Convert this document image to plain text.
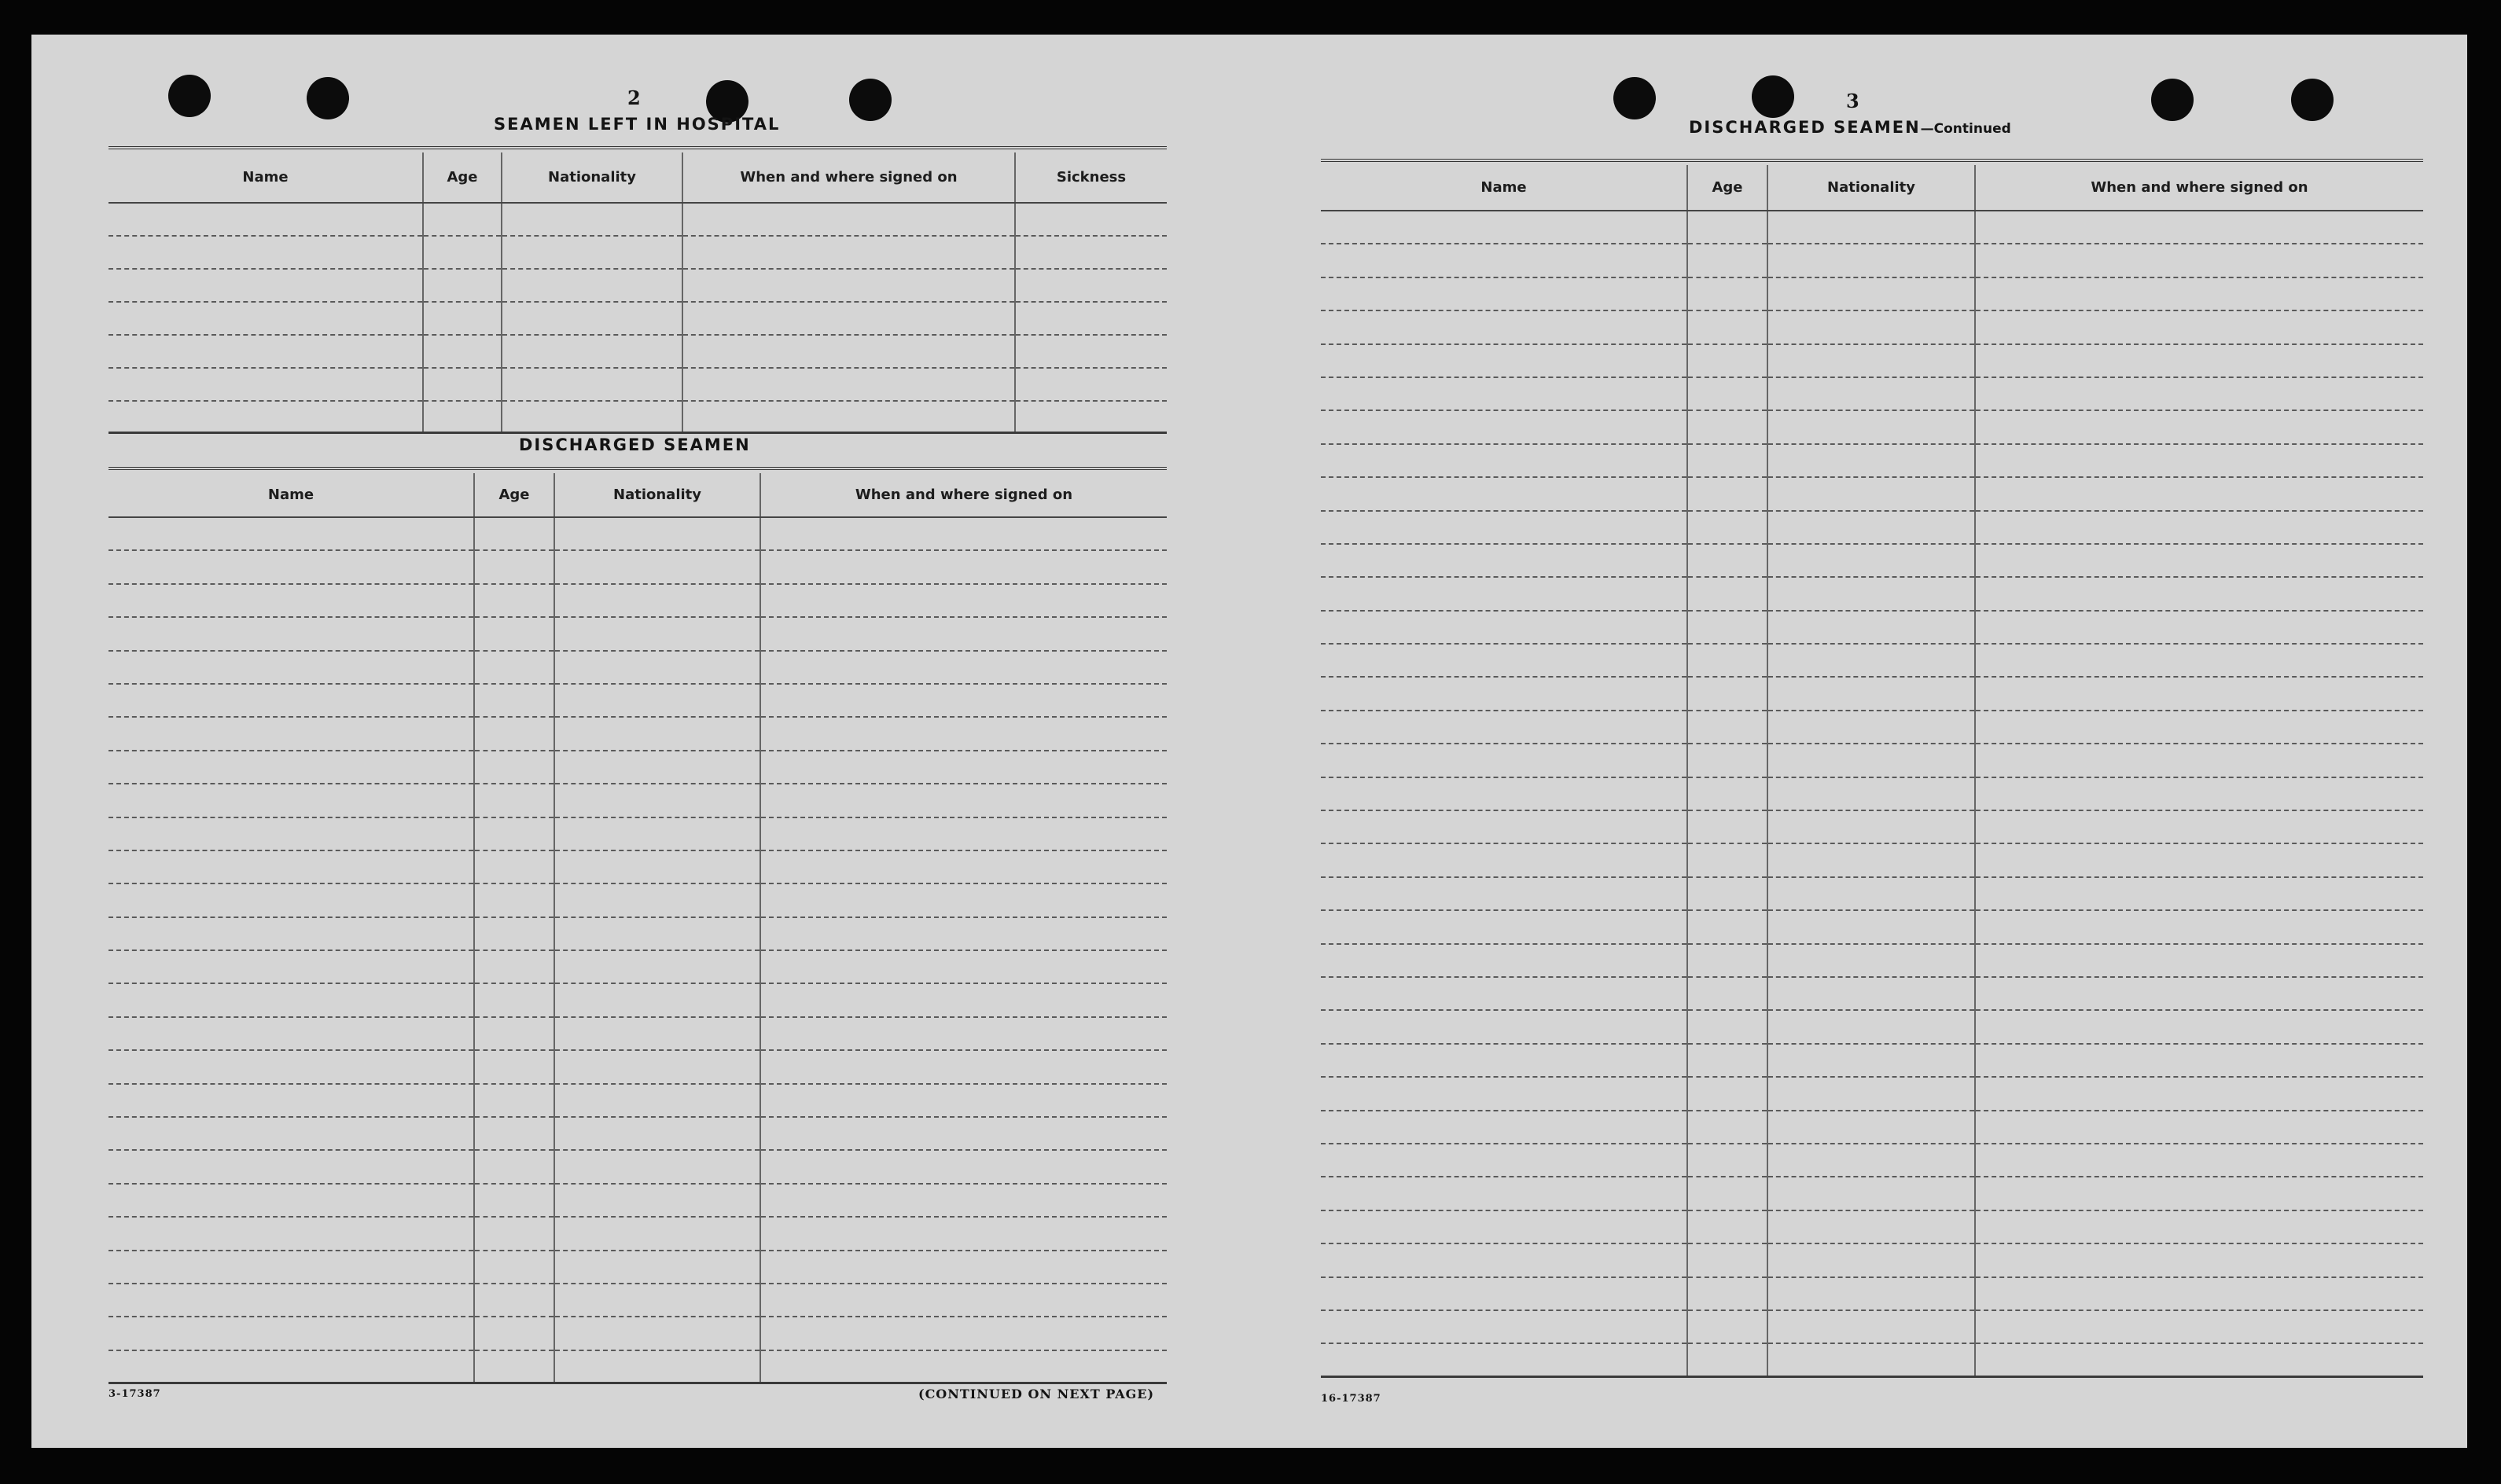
2
SEAMEN LEFT IN HOSPITAL
Name	Age	Nationality	When and where signed on	Sickness

DISCHARGED SEAMEN
Name	Age	Nationality	When and where signed on

3-17387	(CONTINUED ON NEXT PAGE)
3
DISCHARGED SEAMEN—Continued
Name	Age	Nationality	When and where signed on

16-17387
